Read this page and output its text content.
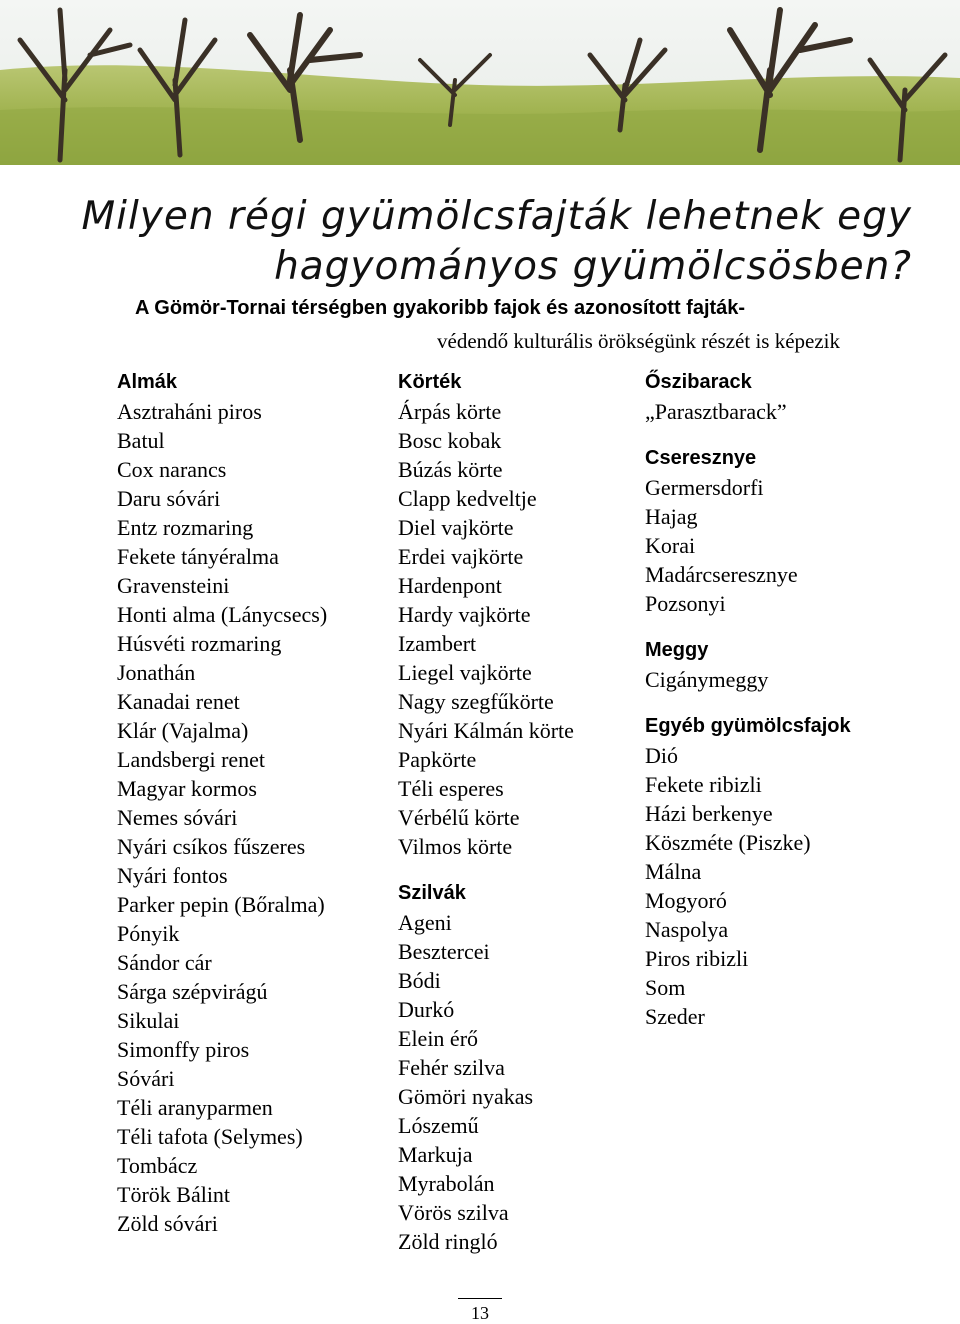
Milyen régi gyümölcsfajták lehetnek egy hagyományos gyümölcsösben?
A Gömör-Tornai térségben gyakoribb fajok és azonosított fajták-
védendő kulturális örökségünk részét is képezik
Almák
Asztraháni piros
Batul
Cox narancs
Daru sóvári
Entz rozmaring
Fekete tányéralma
Gravensteini
Honti alma (Lánycsecs)
Húsvéti rozmaring
Jonathán
Kanadai renet
Klár (Vajalma)
Landsbergi renet
Magyar kormos
Nemes sóvári
Nyári csíkos fűszeres
Nyári fontos
Parker pepin (Bőralma)
Pónyik
Sándor cár
Sárga szépvirágú
Sikulai
Simonffy piros
Sóvári
Téli aranyparmen
Téli tafota (Selymes)
Tombácz
Török Bálint
Zöld sóvári
Körték
Árpás körte
Bosc kobak
Búzás körte
Clapp kedveltje
Diel vajkörte
Erdei vajkörte
Hardenpont
Hardy vajkörte
Izambert
Liegel vajkörte
Nagy szegfűkörte
Nyári Kálmán körte
Papkörte
Téli esperes
Vérbélű körte
Vilmos körte
Szilvák
Ageni
Besztercei
Bódi
Durkó
Elein érő
Fehér szilva
Gömöri nyakas
Lószemű
Markuja
Myrabolán
Vörös szilva
Zöld ringló
Őszibarack
„Parasztbarack”
Cseresznye
Germersdorfi
Hajag
Korai
Madárcseresznye
Pozsonyi
Meggy
Cigánymeggy
Egyéb gyümölcsfajok
Dió
Fekete ribizli
Házi berkenye
Köszméte (Piszke)
Málna
Mogyoró
Naspolya
Piros ribizli
Som
Szeder
13
